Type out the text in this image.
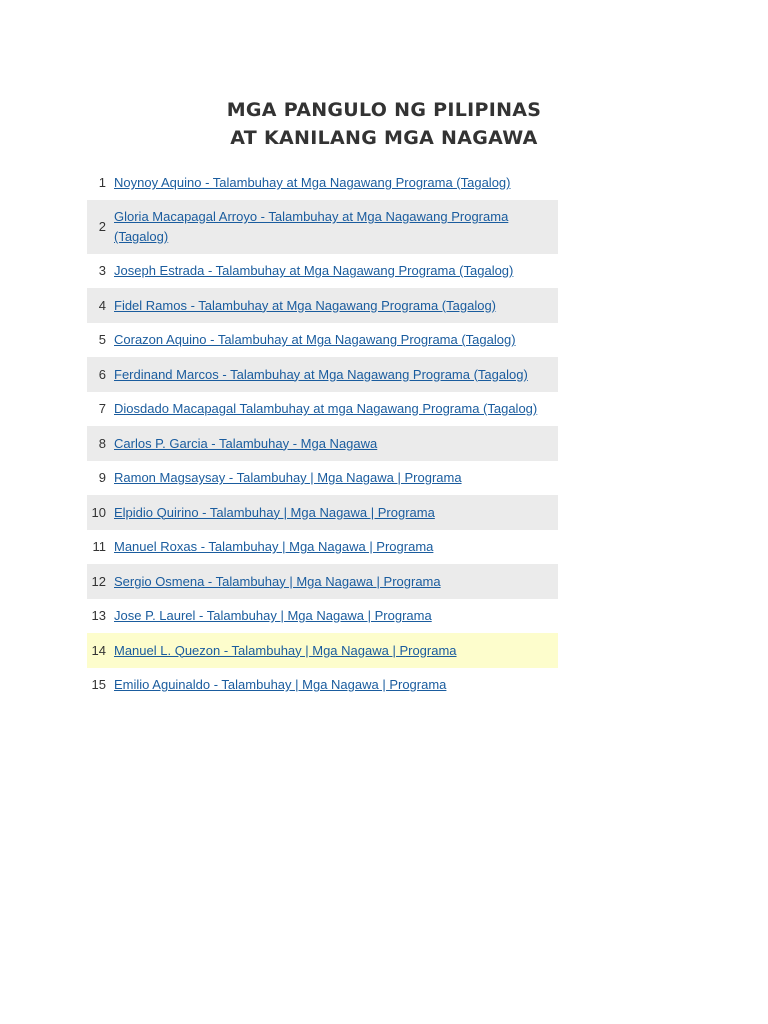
MGA PANGULO NG PILIPINAS
AT KANILANG MGA NAGAWA
1 Noynoy Aquino - Talambuhay at Mga Nagawang Programa (Tagalog)
2
Gloria Macapagal Arroyo - Talambuhay at Mga Nagawang Programa (Tagalog)
3 Joseph Estrada - Talambuhay at Mga Nagawang Programa (Tagalog)
4 Fidel Ramos - Talambuhay at Mga Nagawang Programa (Tagalog)
5 Corazon Aquino - Talambuhay at Mga Nagawang Programa (Tagalog)
6 Ferdinand Marcos - Talambuhay at Mga Nagawang Programa (Tagalog)
7 Diosdado Macapagal Talambuhay at mga Nagawang Programa (Tagalog)
8 Carlos P. Garcia - Talambuhay - Mga Nagawa
9 Ramon Magsaysay - Talambuhay | Mga Nagawa | Programa
10 Elpidio Quirino - Talambuhay | Mga Nagawa | Programa
11 Manuel Roxas - Talambuhay | Mga Nagawa | Programa
12 Sergio Osmena - Talambuhay | Mga Nagawa | Programa
13 Jose P. Laurel - Talambuhay | Mga Nagawa | Programa
14 Manuel L. Quezon - Talambuhay | Mga Nagawa | Programa
15 Emilio Aguinaldo - Talambuhay | Mga Nagawa | Programa
